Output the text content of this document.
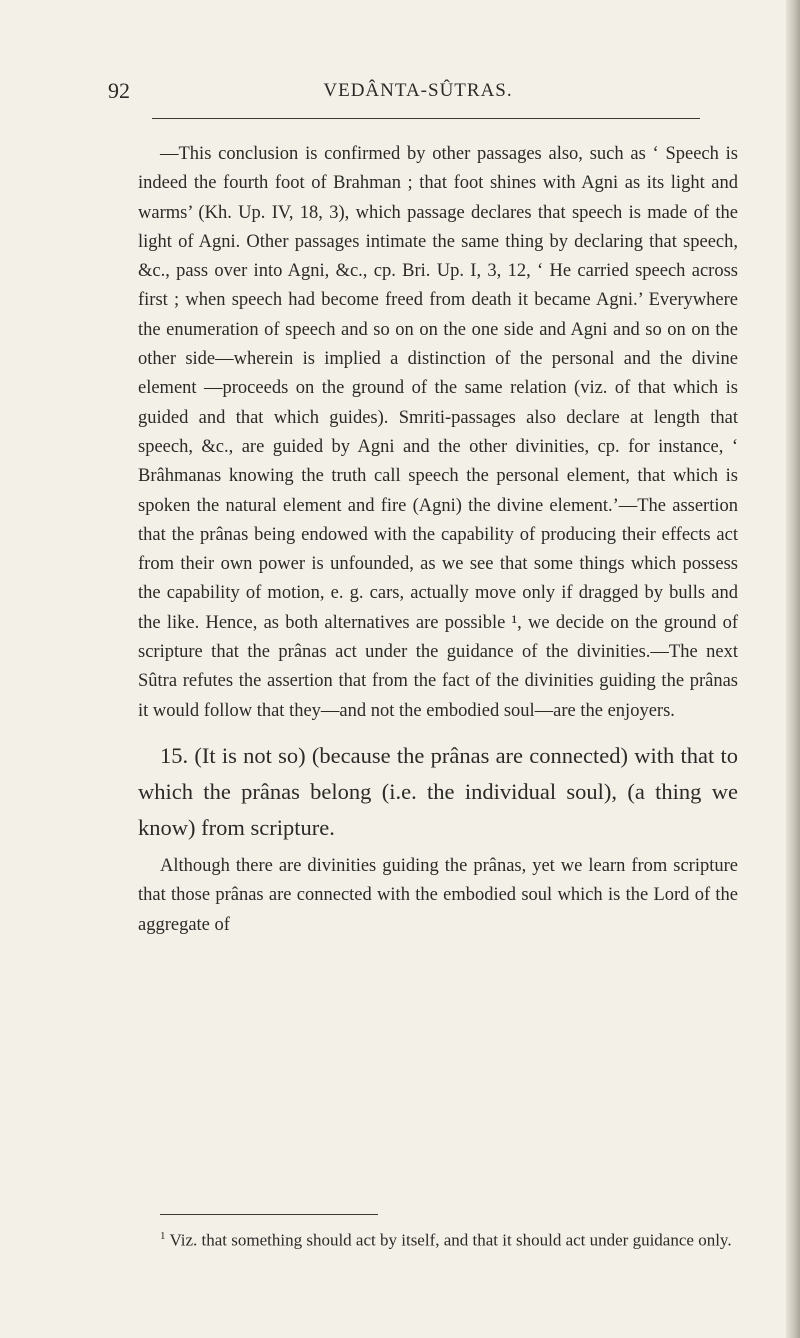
92	VEDÂNTA-SÛTRAS.

—This conclusion is confirmed by other passages also, such as ‘ Speech is indeed the fourth foot of Brahman ; that foot shines with Agni as its light and warms’ (Kh. Up. IV, 18, 3), which passage declares that speech is made of the light of Agni. Other passages intimate the same thing by declaring that speech, &c., pass over into Agni, &c., cp. Bri. Up. I, 3, 12, ‘ He carried speech across first ; when speech had become freed from death it became Agni.’ Everywhere the enumeration of speech and so on on the one side and Agni and so on on the other side—wherein is implied a distinction of the personal and the divine element —proceeds on the ground of the same relation (viz. of that which is guided and that which guides). Smriti-passages also declare at length that speech, &c., are guided by Agni and the other divinities, cp. for instance, ‘ Brâhmanas knowing the truth call speech the personal element, that which is spoken the natural element and fire (Agni) the divine element.’—The assertion that the prânas being endowed with the capability of producing their effects act from their own power is unfounded, as we see that some things which possess the capability of motion, e. g. cars, actually move only if dragged by bulls and the like. Hence, as both alternatives are possible ¹, we decide on the ground of scripture that the prânas act under the guidance of the divinities.—The next Sûtra refutes the assertion that from the fact of the divinities guiding the prânas it would follow that they—and not the embodied soul—are the enjoyers.

15. (It is not so) (because the prânas are connected) with that to which the prânas belong (i.e. the individual soul), (a thing we know) from scripture.

Although there are divinities guiding the prânas, yet we learn from scripture that those prânas are connected with the embodied soul which is the Lord of the aggregate of

$^1$ Viz. that something should act by itself, and that it should act under guidance only.
